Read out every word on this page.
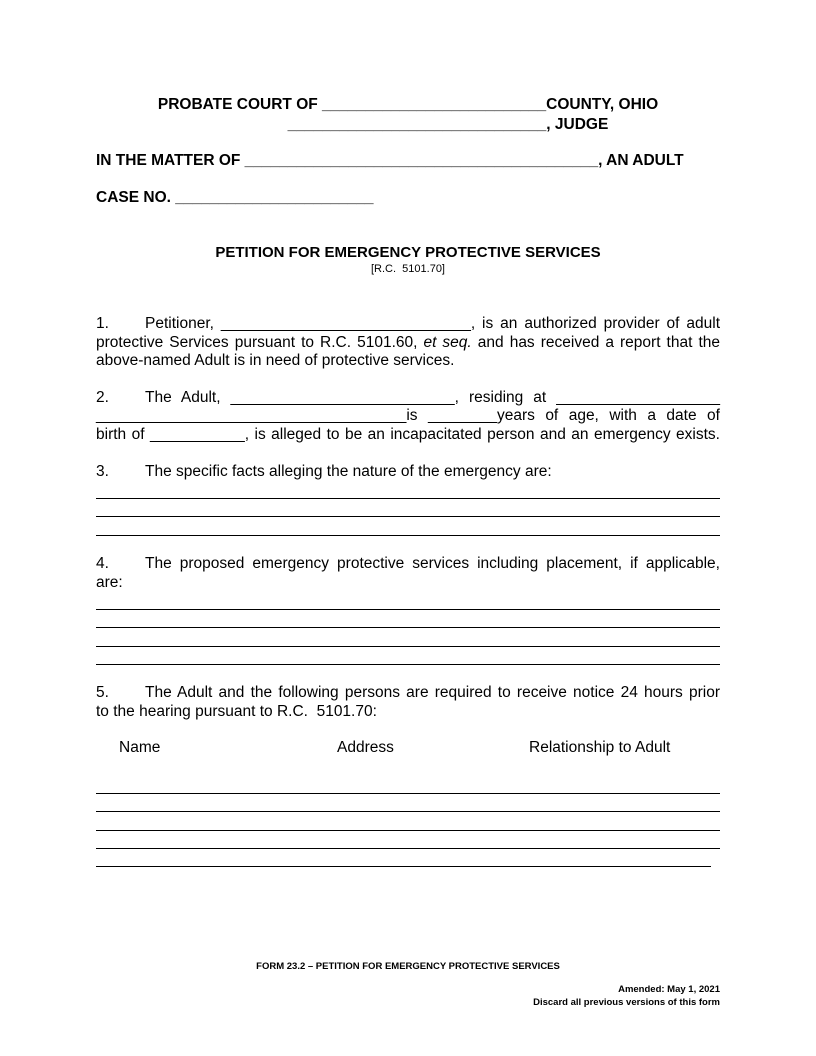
PROBATE COURT OF __________________________COUNTY, OHIO
______________________________, JUDGE
IN THE MATTER OF _________________________________________, AN ADULT
CASE NO. _______________________
PETITION FOR EMERGENCY PROTECTIVE SERVICES
[R.C.  5101.70]
1. Petitioner, _____________________________, is an authorized provider of adult
protective Services pursuant to R.C. 5101.60, et seq. and has received a report that the
above-named Adult is in need of protective services.
2. The Adult, __________________________, residing at ___________________
____________________________________is ________years of age, with a date of
birth of ___________, is alleged to be an incapacitated person and an emergency exists.
3. The specific facts alleging the nature of the emergency are:
4. The proposed emergency protective services including placement, if applicable,
are:
5. The Adult and the following persons are required to receive notice 24 hours prior
to the hearing pursuant to R.C.  5101.70:
Name	Address	Relationship to Adult
FORM 23.2 – PETITION FOR EMERGENCY PROTECTIVE SERVICES
Amended: May 1, 2021
Discard all previous versions of this form
